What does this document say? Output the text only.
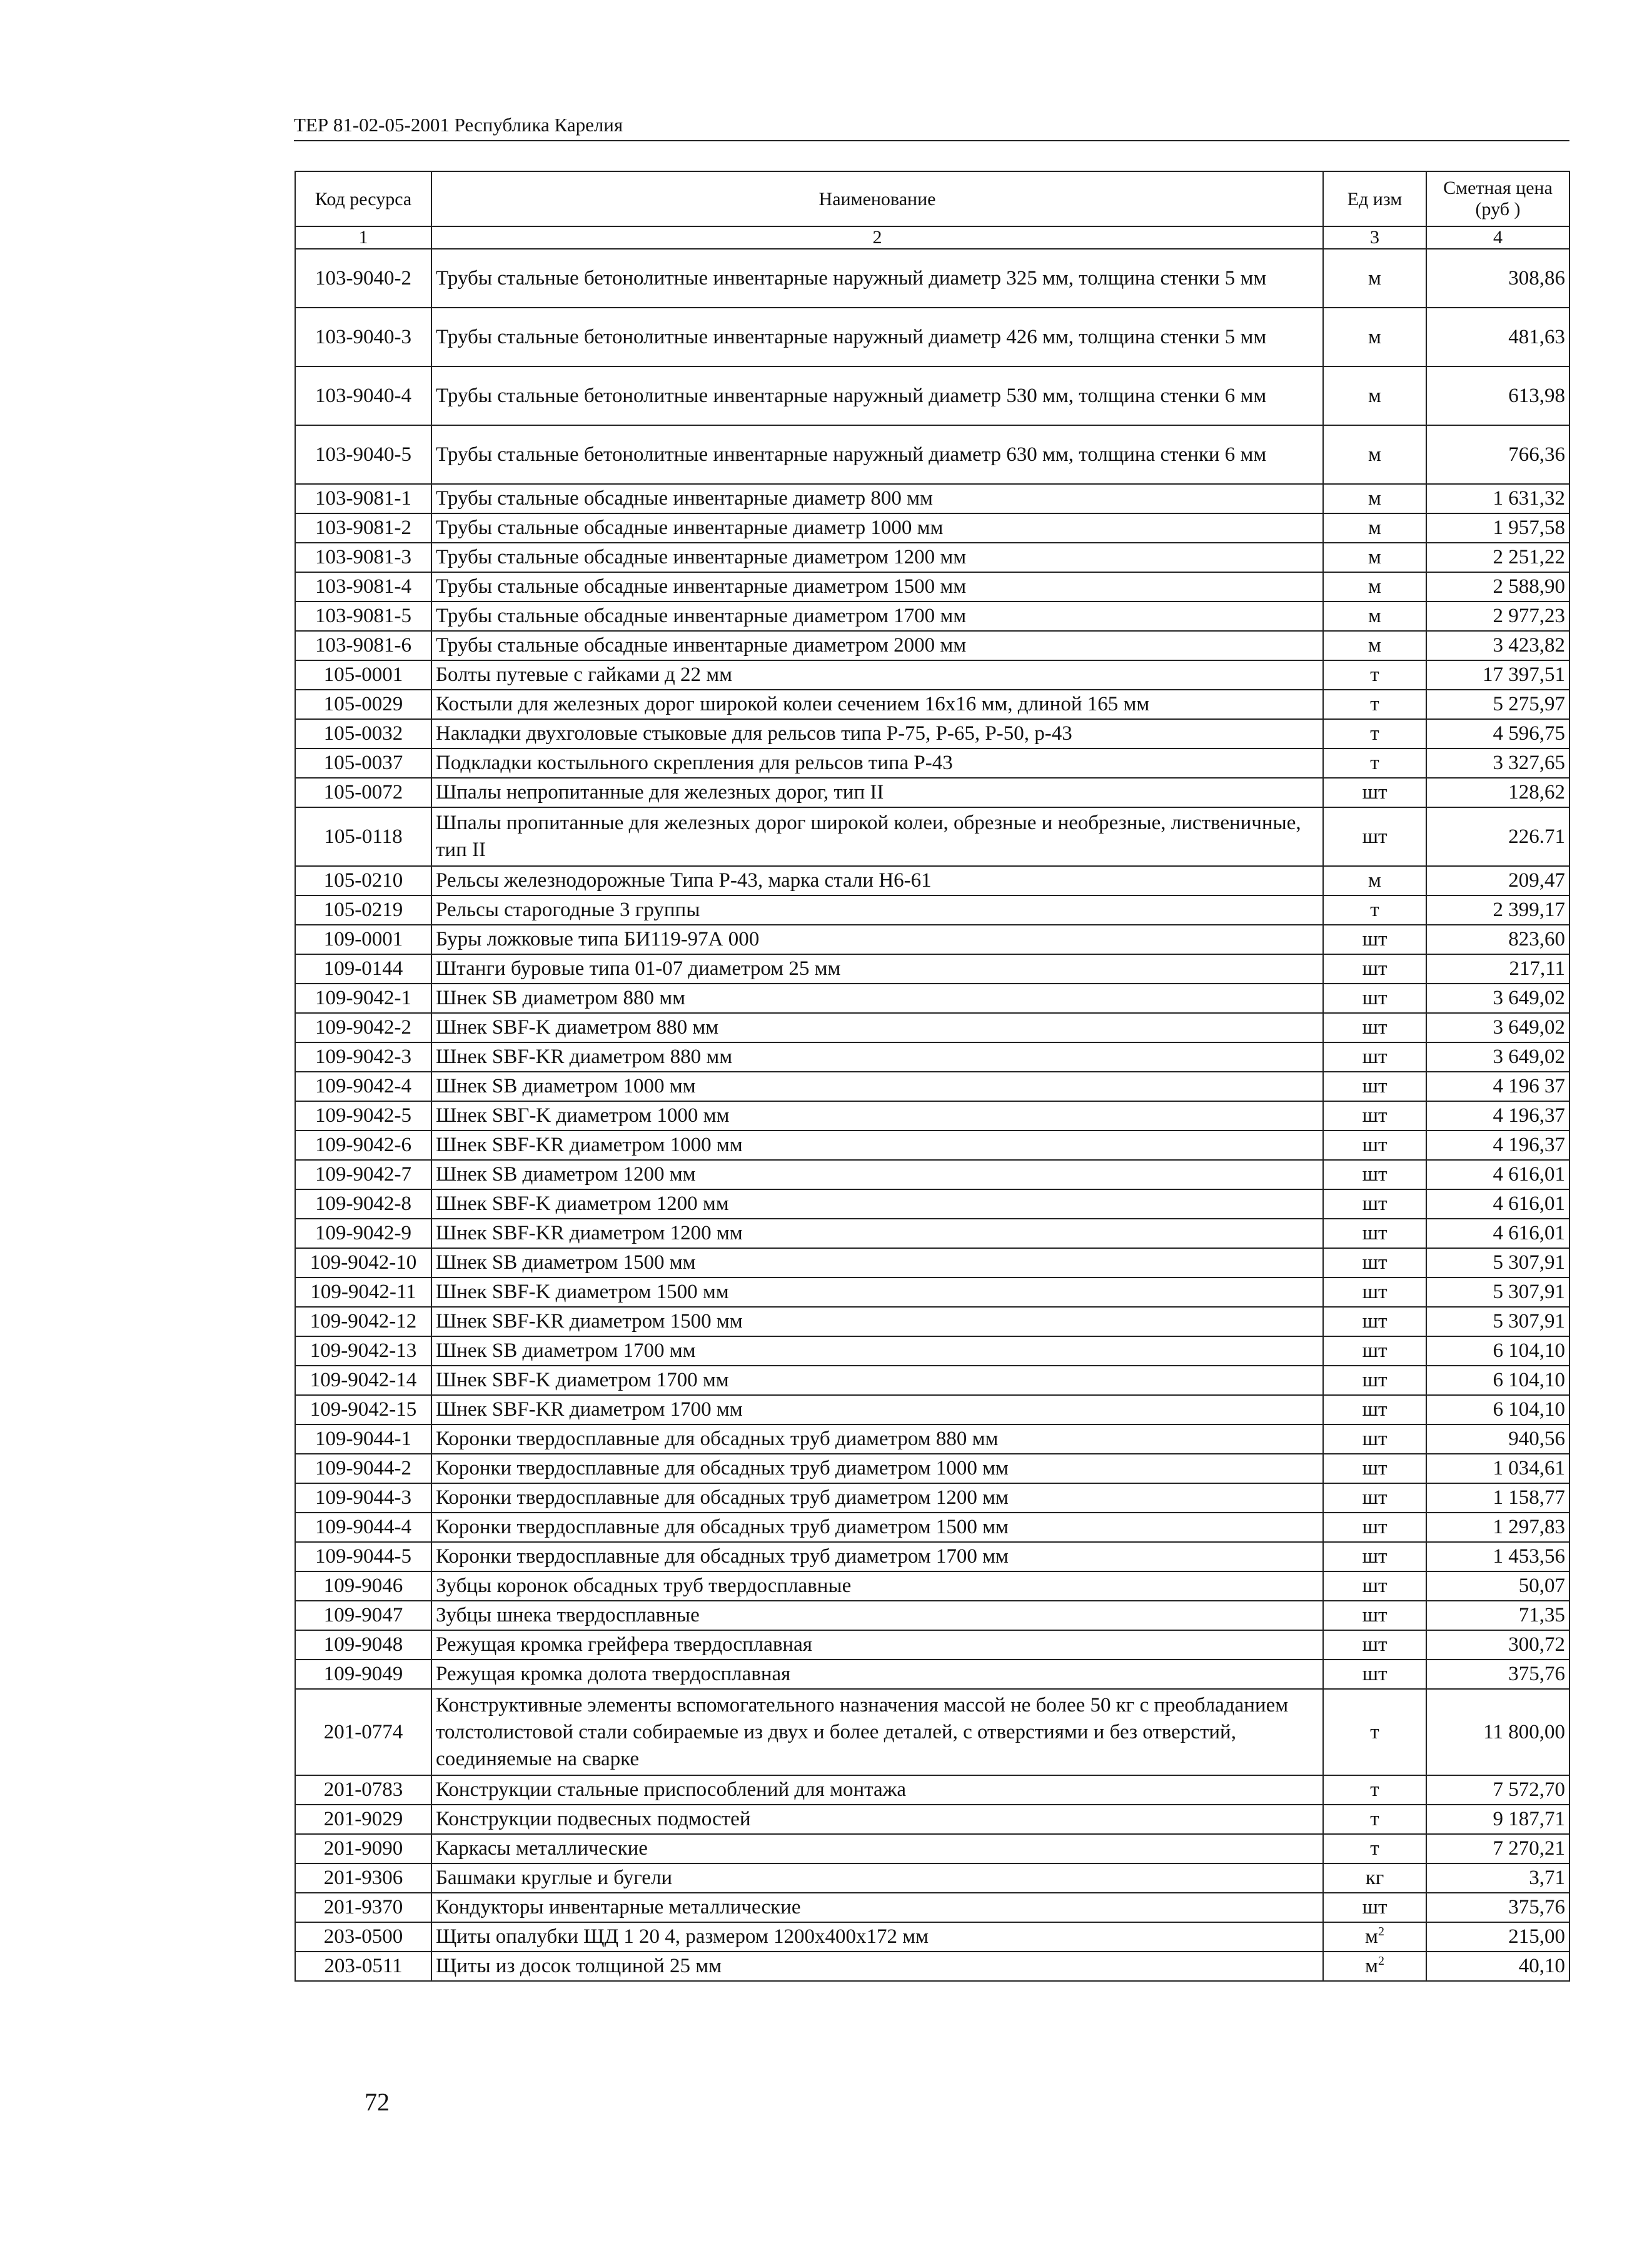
ТЕР 81-02-05-2001 Республика Карелия
Код ресурса	Наименование	Ед изм	Сметная цена (руб )
1	2	3	4
103-9040-2	Трубы стальные бетонолитные инвентарные наружный диаметр 325 мм, толщина стенки 5 мм	м	308,86
103-9040-3	Трубы стальные бетонолитные инвентарные наружный диаметр 426 мм, толщина стенки 5 мм	м	481,63
103-9040-4	Трубы стальные бетонолитные инвентарные наружный диаметр 530 мм, толщина стенки 6 мм	м	613,98
103-9040-5	Трубы стальные бетонолитные инвентарные наружный диаметр 630 мм, толщина стенки 6 мм	м	766,36
103-9081-1	Трубы стальные обсадные инвентарные диаметр 800 мм	м	1 631,32
103-9081-2	Трубы стальные обсадные инвентарные диаметр 1000 мм	м	1 957,58
103-9081-3	Трубы стальные обсадные инвентарные диаметром 1200 мм	м	2 251,22
103-9081-4	Трубы стальные обсадные инвентарные диаметром 1500 мм	м	2 588,90
103-9081-5	Трубы стальные обсадные инвентарные диаметром 1700 мм	м	2 977,23
103-9081-6	Трубы стальные обсадные инвентарные диаметром 2000 мм	м	3 423,82
105-0001	Болты путевые с гайками д 22 мм	т	17 397,51
105-0029	Костыли для железных дорог широкой колеи сечением 16х16 мм, длиной 165 мм	т	5 275,97
105-0032	Накладки двухголовые стыковые для рельсов типа Р-75, Р-65, Р-50, р-43	т	4 596,75
105-0037	Подкладки костыльного скрепления для рельсов типа Р-43	т	3 327,65
105-0072	Шпалы непропитанные для железных дорог, тип II	шт	128,62
105-0118	Шпалы пропитанные для железных дорог широкой колеи, обрезные и необрезные, лиственичные, тип II	шт	226.71
105-0210	Рельсы железнодорожные Типа Р-43, марка стали Н6-61	м	209,47
105-0219	Рельсы старогодные 3 группы	т	2 399,17
109-0001	Буры ложковые типа БИ119-97А 000	шт	823,60
109-0144	Штанги буровые типа 01-07 диаметром 25 мм	шт	217,11
109-9042-1	Шнек SB диаметром 880 мм	шт	3 649,02
109-9042-2	Шнек SBF-K диаметром 880 мм	шт	3 649,02
109-9042-3	Шнек SBF-KR диаметром 880 мм	шт	3 649,02
109-9042-4	Шнек SB диаметром 1000 мм	шт	4 196 37
109-9042-5	Шнек SBГ-K диаметром 1000 мм	шт	4 196,37
109-9042-6	Шнек SBF-KR диаметром 1000 мм	шт	4 196,37
109-9042-7	Шнек SB диаметром 1200 мм	шт	4 616,01
109-9042-8	Шнек SBF-K диаметром 1200 мм	шт	4 616,01
109-9042-9	Шнек SBF-KR диаметром 1200 мм	шт	4 616,01
109-9042-10	Шнек SB диаметром 1500 мм	шт	5 307,91
109-9042-11	Шнек SBF-K диаметром 1500 мм	шт	5 307,91
109-9042-12	Шнек SBF-KR диаметром 1500 мм	шт	5 307,91
109-9042-13	Шнек SB диаметром 1700 мм	шт	6 104,10
109-9042-14	Шнек SBF-K диаметром 1700 мм	шт	6 104,10
109-9042-15	Шнек SBF-KR диаметром 1700 мм	шт	6 104,10
109-9044-1	Коронки твердосплавные для обсадных труб диаметром 880 мм	шт	940,56
109-9044-2	Коронки твердосплавные для обсадных труб диаметром 1000 мм	шт	1 034,61
109-9044-3	Коронки твердосплавные для обсадных труб диаметром 1200 мм	шт	1 158,77
109-9044-4	Коронки твердосплавные для обсадных труб диаметром 1500 мм	шт	1 297,83
109-9044-5	Коронки твердосплавные для обсадных труб диаметром 1700 мм	шт	1 453,56
109-9046	Зубцы коронок обсадных труб твердосплавные	шт	50,07
109-9047	Зубцы шнека твердосплавные	шт	71,35
109-9048	Режущая кромка грейфера твердосплавная	шт	300,72
109-9049	Режущая кромка долота твердосплавная	шт	375,76
201-0774	Конструктивные элементы вспомогательного назначения массой не более 50 кг с преобладанием толстолистовой стали собираемые из двух и более деталей, с отверстиями и без отверстий, соединяемые на сварке	т	11 800,00
201-0783	Конструкции стальные приспособлений для монтажа	т	7 572,70
201-9029	Конструкции подвесных подмостей	т	9 187,71
201-9090	Каркасы металлические	т	7 270,21
201-9306	Башмаки круглые и бугели	кг	3,71
201-9370	Кондукторы инвентарные металлические	шт	375,76
203-0500	Щиты опалубки ЩД 1 20 4, размером 1200х400х172 мм	$м^2$	215,00
203-0511	Щиты из досок толщиной 25 мм	$м^2$	40,10
72
